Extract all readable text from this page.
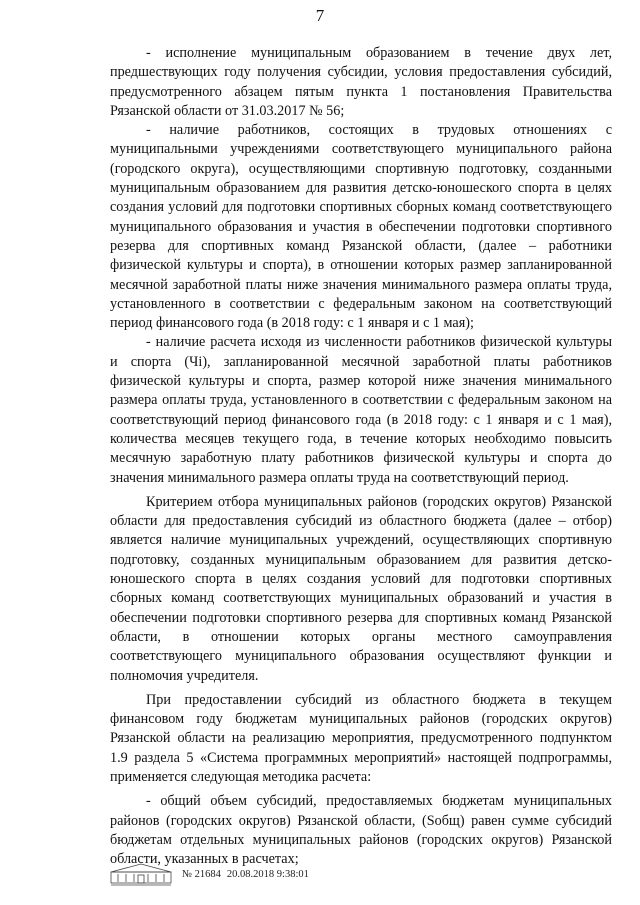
7

- исполнение муниципальным образованием в течение двух лет, предшествующих году получения субсидии, условия предоставления субсидий, предусмотренного абзацем пятым пункта 1 постановления Правительства Рязанской области от 31.03.2017 № 56;

- наличие работников, состоящих в трудовых отношениях с муниципальными учреждениями соответствующего муниципального района (городского округа), осуществляющими спортивную подготовку, созданными муниципальным образованием для развития детско-юношеского спорта в целях создания условий для подготовки спортивных сборных команд соответствующего муниципального образования и участия в обеспечении подготовки спортивного резерва для спортивных команд Рязанской области, (далее – работники физической культуры и спорта), в отношении которых размер запланированной месячной заработной платы ниже значения минимального размера оплаты труда, установленного в соответствии с федеральным законом на соответствующий период финансового года (в 2018 году: с 1 января и с 1 мая);

- наличие расчета исходя из численности работников физической культуры и спорта (Чi), запланированной месячной заработной платы работников физической культуры и спорта, размер которой ниже значения минимального размера оплаты труда, установленного в соответствии с федеральным законом на соответствующий период финансового года (в 2018 году: с 1 января и с 1 мая), количества месяцев текущего года, в течение которых необходимо повысить месячную заработную плату работников физической культуры и спорта до значения минимального размера оплаты труда на соответствующий период.

Критерием отбора муниципальных районов (городских округов) Рязанской области для предоставления субсидий из областного бюджета (далее – отбор) является наличие муниципальных учреждений, осуществляющих спортивную подготовку, созданных муниципальным образованием для развития детско-юношеского спорта в целях создания условий для подготовки спортивных сборных команд соответствующих муниципальных образований и участия в обеспечении подготовки спортивного резерва для спортивных команд Рязанской области, в отношении которых органы местного самоуправления соответствующего муниципального образования осуществляют функции и полномочия учредителя.

При предоставлении субсидий из областного бюджета в текущем финансовом году бюджетам муниципальных районов (городских округов) Рязанской области на реализацию мероприятия, предусмотренного подпунктом 1.9 раздела 5 «Система программных мероприятий» настоящей подпрограммы, применяется следующая методика расчета:

- общий объем субсидий, предоставляемых бюджетам муниципальных районов (городских округов) Рязанской области, (Sобщ) равен сумме субсидий бюджетам отдельных муниципальных районов (городских округов) Рязанской области, указанных в расчетах;

№ 21684 20.08.2018 9:38:01
